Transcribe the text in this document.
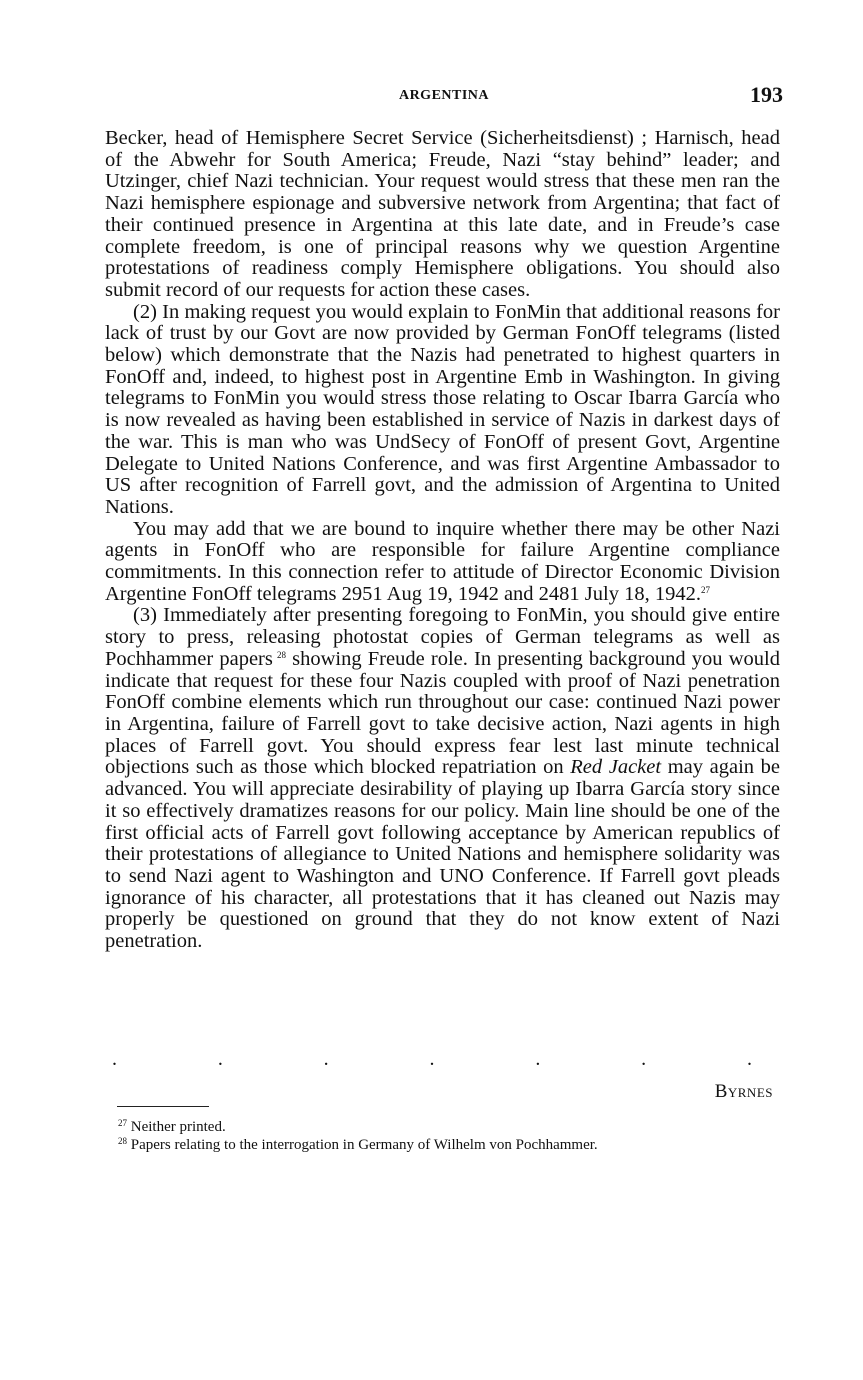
ARGENTINA	193

Becker, head of Hemisphere Secret Service (Sicherheitsdienst) ; Harnisch, head of the Abwehr for South America; Freude, Nazi “stay behind” leader; and Utzinger, chief Nazi technician. Your request would stress that these men ran the Nazi hemisphere espionage and subversive network from Argentina; that fact of their continued presence in Argentina at this late date, and in Freude’s case complete freedom, is one of principal reasons why we question Argentine protestations of readiness comply Hemisphere obligations. You should also submit record of our requests for action these cases.

(2) In making request you would explain to FonMin that additional reasons for lack of trust by our Govt are now provided by German FonOff telegrams (listed below) which demonstrate that the Nazis had penetrated to highest quarters in FonOff and, indeed, to highest post in Argentine Emb in Washington. In giving telegrams to FonMin you would stress those relating to Oscar Ibarra García who is now revealed as having been established in service of Nazis in darkest days of the war. This is man who was UndSecy of FonOff of present Govt, Argentine Delegate to United Nations Conference, and was first Argentine Ambassador to US after recognition of Farrell govt, and the admission of Argentina to United Nations.

You may add that we are bound to inquire whether there may be other Nazi agents in FonOff who are responsible for failure Argentine compliance commitments. In this connection refer to attitude of Director Economic Division Argentine FonOff telegrams 2951 Aug 19, 1942 and 2481 July 18, 1942.27

(3) Immediately after presenting foregoing to FonMin, you should give entire story to press, releasing photostat copies of German telegrams as well as Pochhammer papers  $^{28}$ showing Freude role. In presenting background you would indicate that request for these four Nazis coupled with proof of Nazi penetration FonOff combine elements which run throughout our case: continued Nazi power in Argentina, failure of Farrell govt to take decisive action, Nazi agents in high places of Farrell govt. You should express fear lest last minute technical objections such as those which blocked repatriation on Red Jacket may again be advanced. You will appreciate desirability of playing up Ibarra García story since it so effectively dramatizes reasons for our policy. Main line should be one of the first official acts of Farrell govt following acceptance by American republics of their protestations of allegiance to United Nations and hemisphere solidarity was to send Nazi agent to Washington and UNO Conference. If Farrell govt pleads ignorance of his character, all protestations that it has cleaned out Nazis may properly be questioned on ground that they do not know extent of Nazi penetration.

.	.	.	.	.	.	.
Byrnes

$^{27}$ Neither printed.

$^{28}$ Papers relating to the interrogation in Germany of Wilhelm von Pochhammer.
